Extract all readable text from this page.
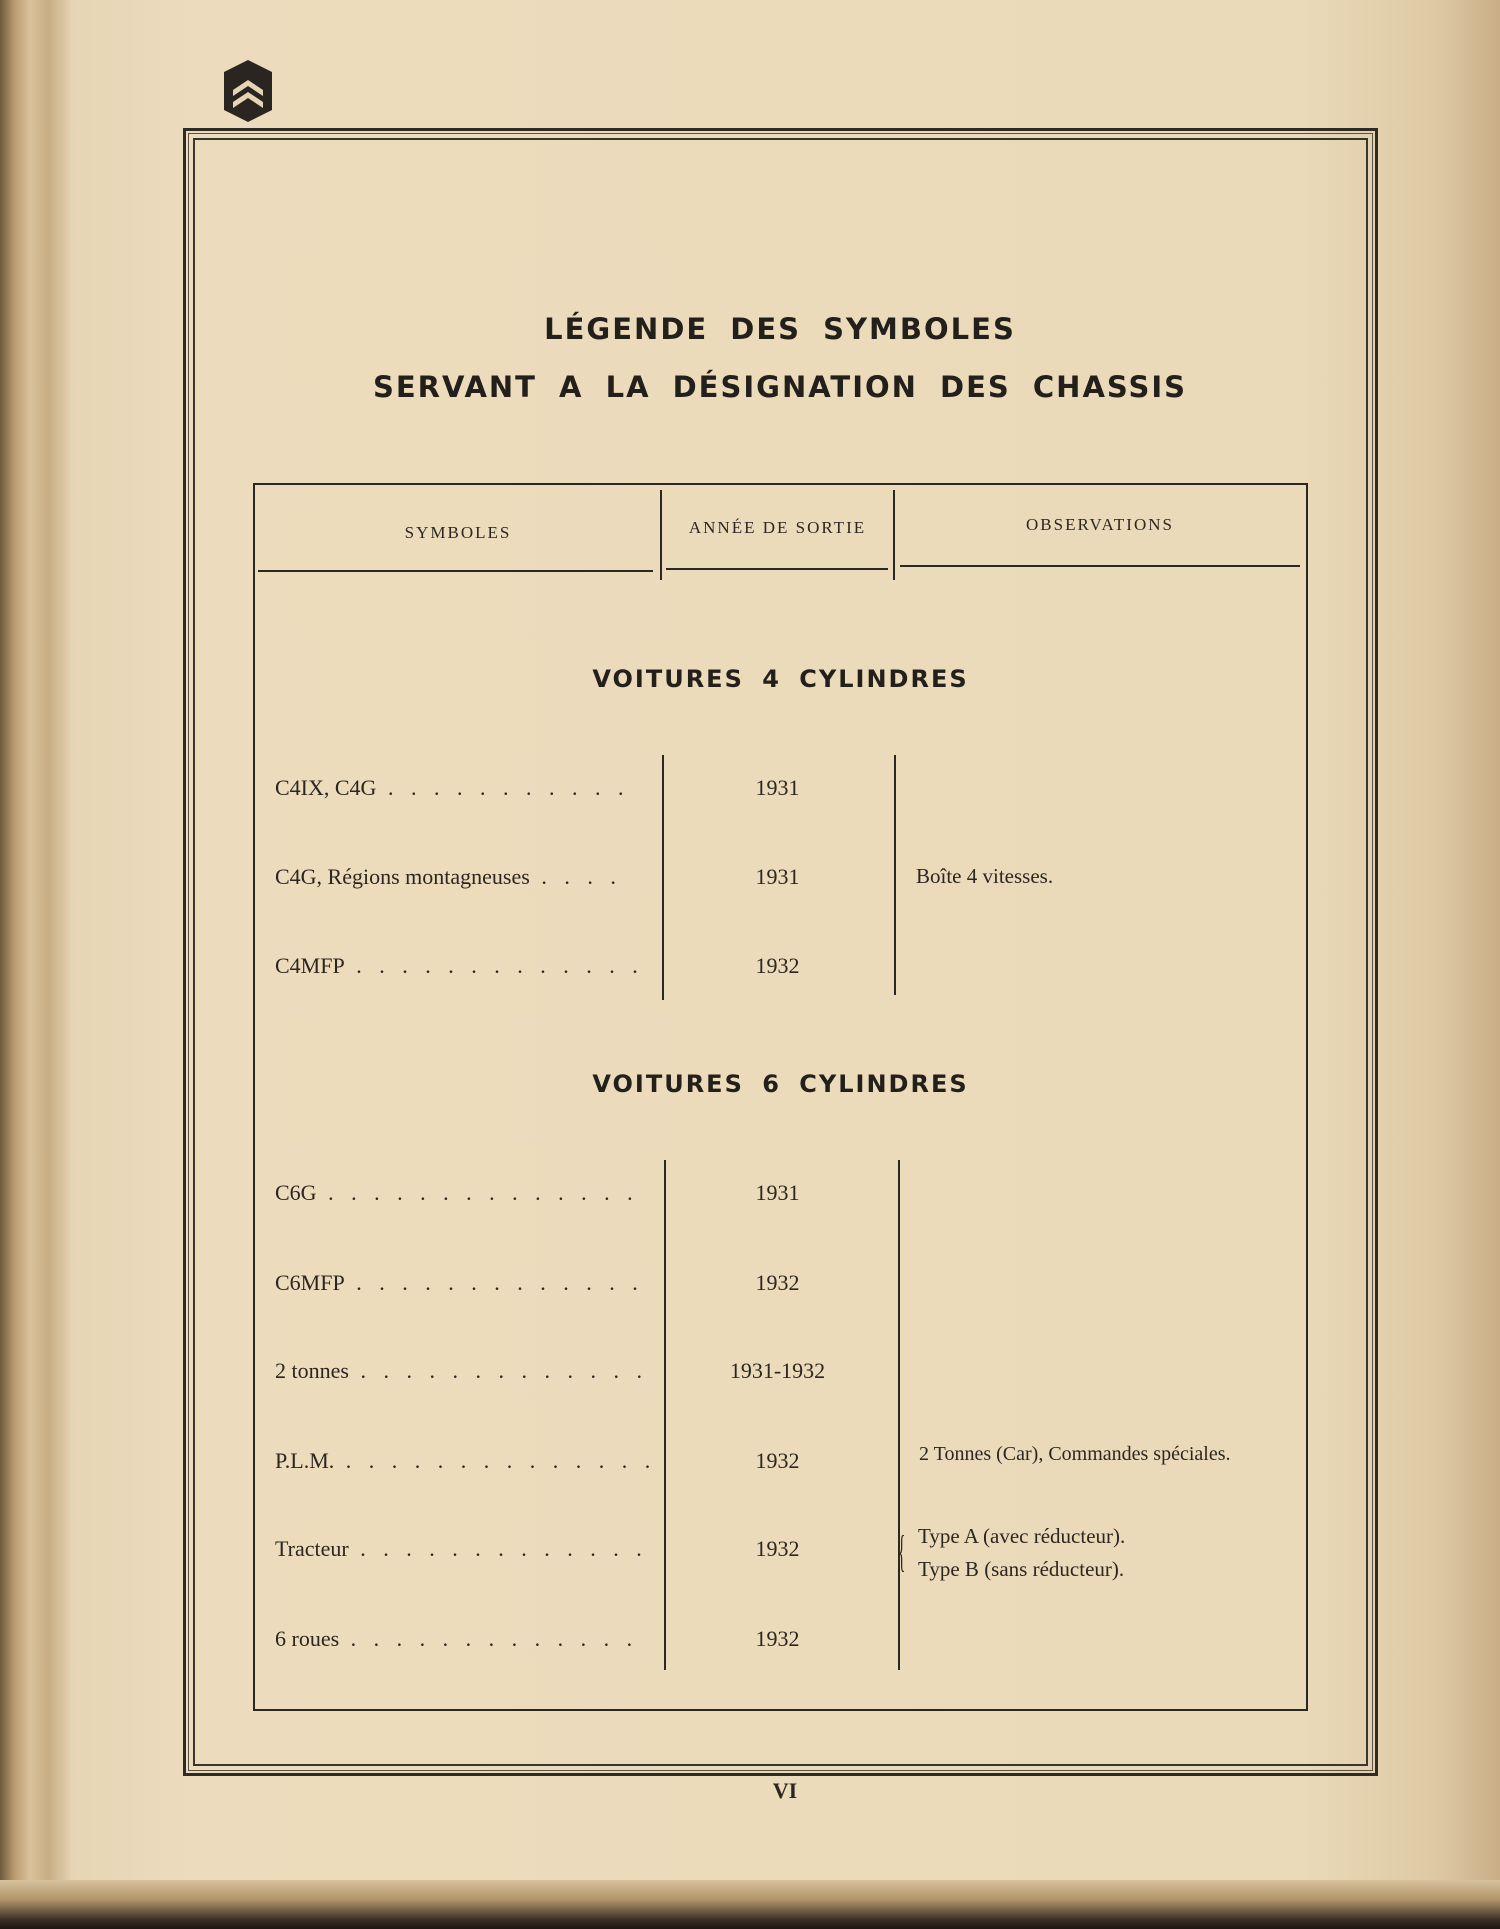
LÉGENDE DES SYMBOLES
SERVANT A LA DÉSIGNATION DES CHASSIS
SYMBOLES	ANNÉE DE SORTIE	OBSERVATIONS
VOITURES 4 CYLINDRES
C4IX, C4G . . . . . . . . . . .	1931
C4G, Régions montagneuses . . . .	1931	Boîte 4 vitesses.
C4MFP . . . . . . . . . . . . .	1932
VOITURES 6 CYLINDRES
C6G . . . . . . . . . . . . . .	1931
C6MFP . . . . . . . . . . . . .	1932
2 tonnes . . . . . . . . . . . . .	1931-1932
P.L.M. . . . . . . . . . . . . . .	1932	2 Tonnes (Car), Commandes spéciales.
Tracteur . . . . . . . . . . . . .	1932	{ Type A (avec réducteur).
Type B (sans réducteur).
6 roues . . . . . . . . . . . . .	1932
VI
